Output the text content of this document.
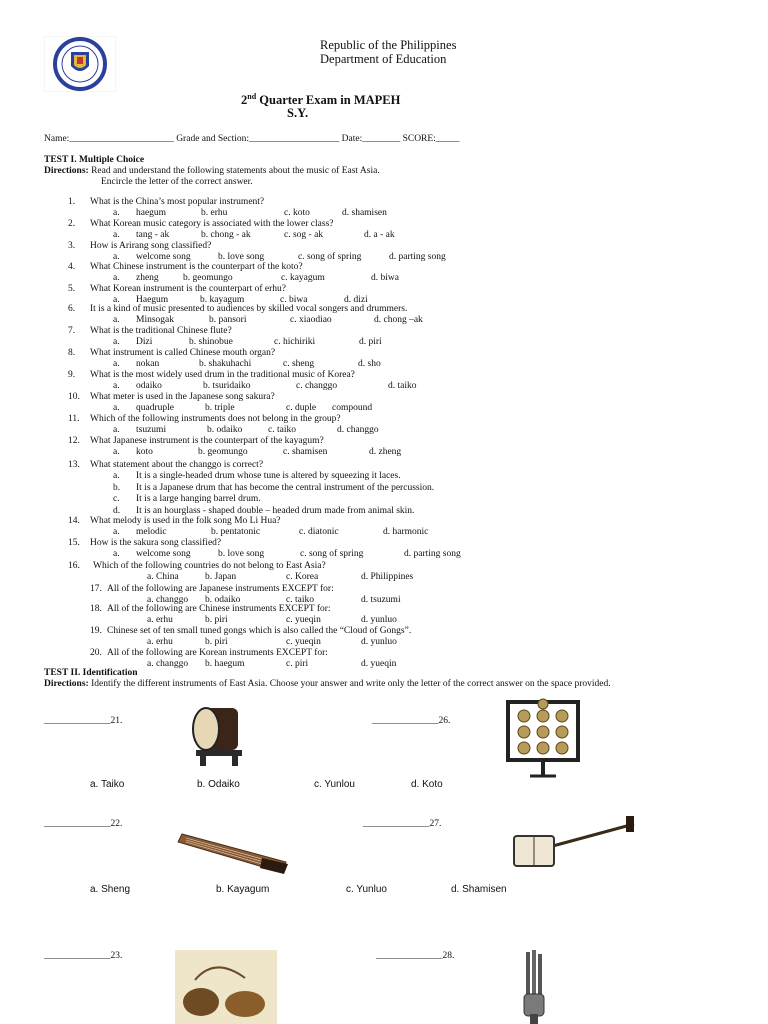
Republic of the Philippines
Department of Education
2nd Quarter Exam in MAPEH
S.Y.
Name:______________________ Grade and Section:___________________ Date:________ SCORE:_____
TEST I. Multiple Choice
Directions: Read and understand the following statements about the music of East Asia.
Encircle the letter of the correct answer.
1. What is the China’s most popular instrument?
a. haegum	b. erhu	c. koto	d. shamisen
2. What Korean music category is associated with the lower class?
a. tang - ak	b. chong - ak	c. sog - ak	d. a - ak
3. How is Arirang song classified?
a. welcome song	b. love song	c. song of spring	d. parting song
4. What Chinese instrument is the counterpart of the koto?
a. zheng	b. geomungo	c. kayagum	d. biwa
5. What Korean instrument is the counterpart of erhu?
a. Haegum	b. kayagum	c. biwa	d. dizi
6. It is a kind of music presented to audiences by skilled vocal songers and drummers.
a. Minsogak	b. pansori	c. xiaodiao	d. chong –ak
7. What is the traditional Chinese flute?
a. Dizi	b. shinobue	c. hichiriki	d. piri
8. What instrument is called Chinese mouth organ?
a. nokan	b. shakuhachi	c. sheng	d. sho
9. What is the most widely used drum in the traditional music of Korea?
a. odaiko	b. tsuridaiko	c. changgo	d. taiko
10. What meter is used in the Japanese song sakura?
a. quadruple	b. triple	c. duple compound
11. Which of the following instruments does not belong in the group?
a. tsuzumi	b. odaiko	c. taiko	d. changgo
12. What Japanese instrument is the counterpart of the kayagum?
a. koto	b. geomungo	c. shamisen	d. zheng
13. What statement about the changgo is correct?
a. It is a single-headed drum whose tune is altered by squeezing it laces.
b. It is a Japanese drum that has become the central instrument of the percussion.
c. It is a large hanging barrel drum.
d. It is an hourglass - shaped double – headed drum made from animal skin.
14. What melody is used in the folk song Mo Li Hua?
a. melodic	b. pentatonic	c. diatonic	d. harmonic
15. How is the sakura song classified?
a. welcome song	b. love song	c. song of spring	d. parting song
16. Which of the following countries do not belong to East Asia?
a. China	b. Japan	c. Korea	d. Philippines
17. All of the following are Japanese instruments EXCEPT for:
a. changgo b. odaiko	c. taiko	d. tsuzumi
18. All of the following are Chinese instruments EXCEPT for:
a. erhu	b. piri	c. yueqin	d. yunluo
19. Chinese set of ten small tuned gongs which is also called the “Cloud of Gongs”.
a. erhu	b. piri	c. yueqin	d. yunluo
20. All of the following are Korean instruments EXCEPT for:
a. changgo b. haegum	c. piri	d. yueqin
TEST II. Identification
Directions: Identify the different instruments of East Asia. Choose your answer and write only the letter of the correct answer on the space provided.
______________21.	______________26.
______________22.	______________27.
______________23.	______________28.
a. Taiko	b. Odaiko	c. Yunlou	d. Koto
a. Sheng	b. Kayagum	c. Yunluo	d. Shamisen
